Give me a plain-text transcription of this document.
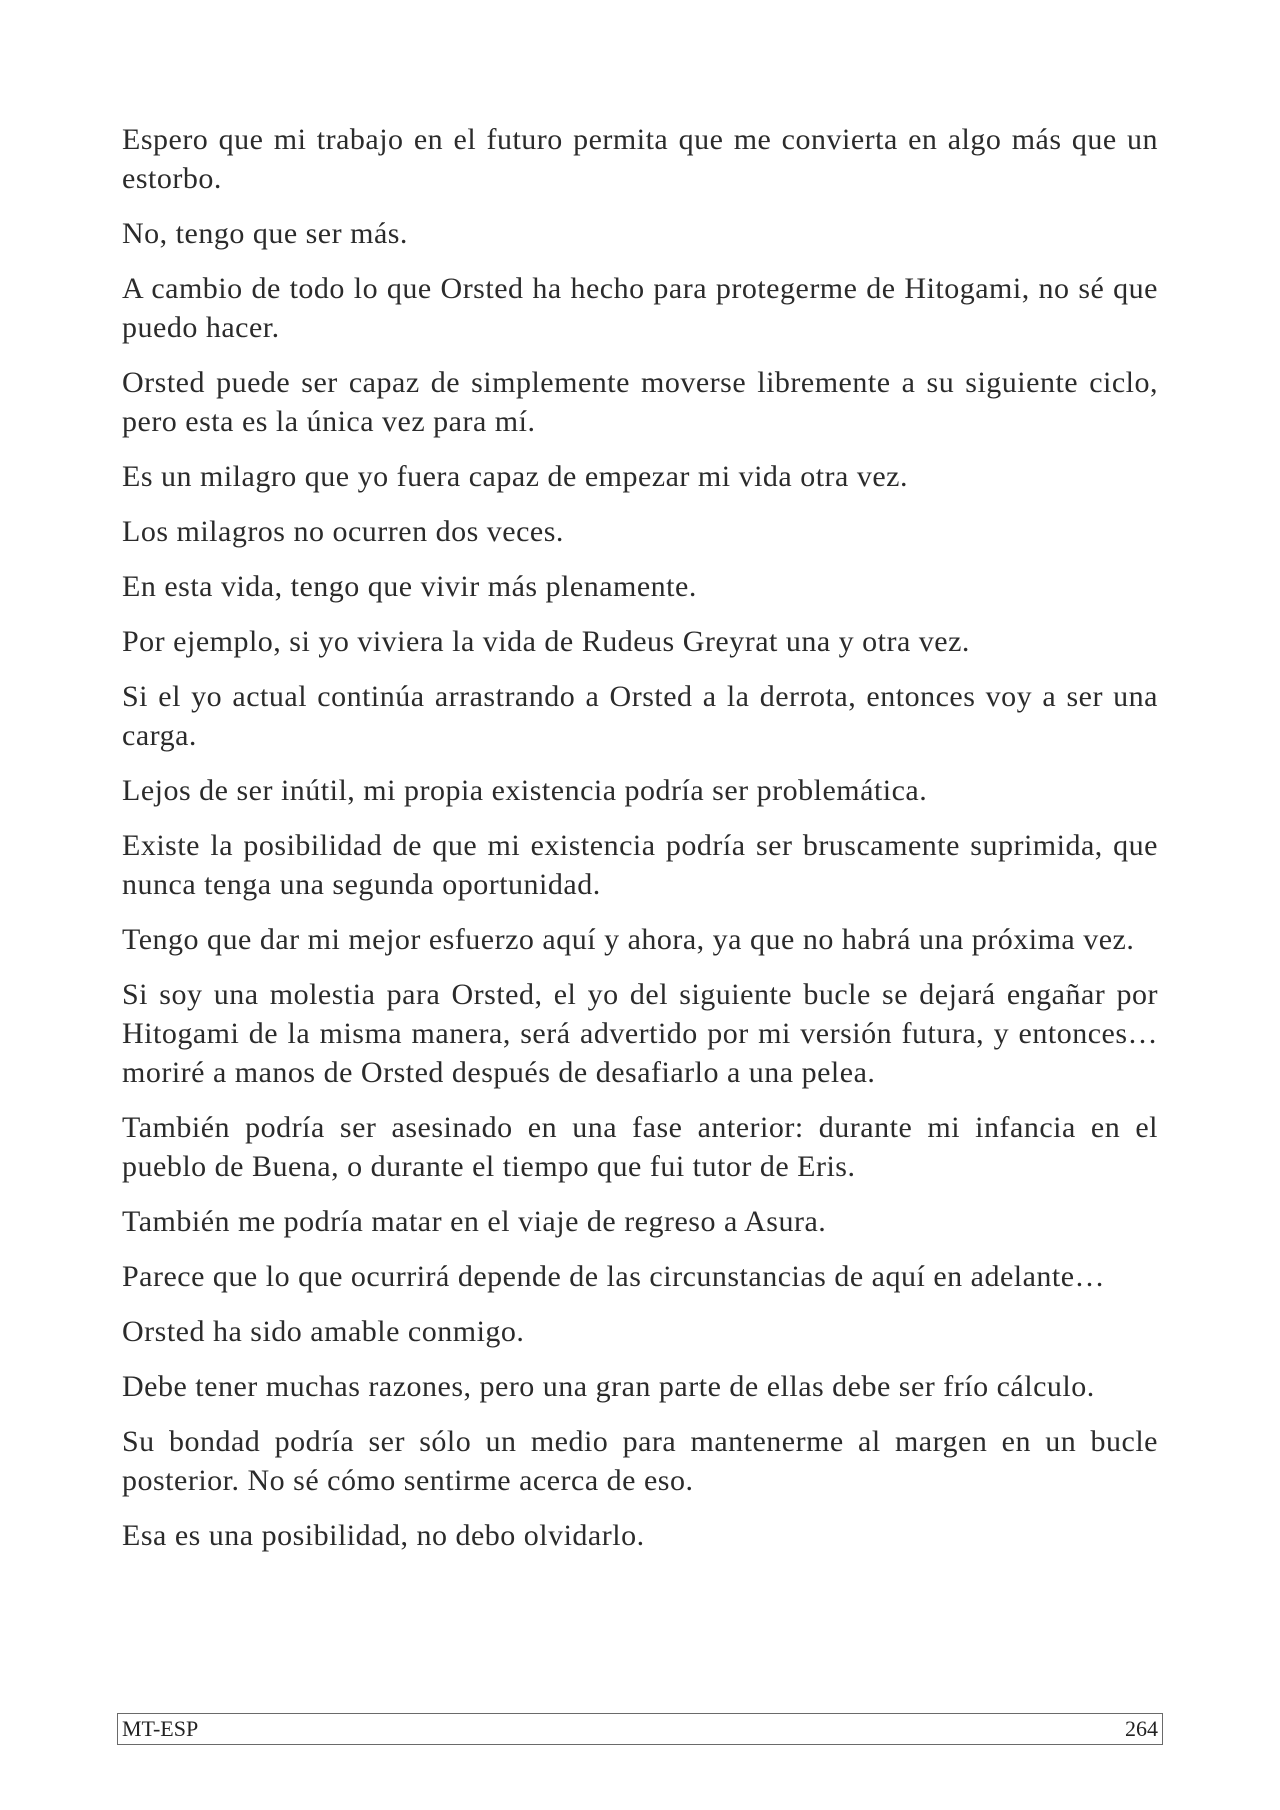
Espero que mi trabajo en el futuro permita que me convierta en algo más que un estorbo.

No, tengo que ser más.

A cambio de todo lo que Orsted ha hecho para protegerme de Hitogami, no sé que puedo hacer.

Orsted puede ser capaz de simplemente moverse libremente a su siguiente ciclo, pero esta es la única vez para mí.

Es un milagro que yo fuera capaz de empezar mi vida otra vez.

Los milagros no ocurren dos veces.

En esta vida, tengo que vivir más plenamente.

Por ejemplo, si yo viviera la vida de Rudeus Greyrat una y otra vez.

Si el yo actual continúa arrastrando a Orsted a la derrota, entonces voy a ser una carga.

Lejos de ser inútil, mi propia existencia podría ser problemática.

Existe la posibilidad de que mi existencia podría ser bruscamente suprimida, que nunca tenga una segunda oportunidad.

Tengo que dar mi mejor esfuerzo aquí y ahora, ya que no habrá una próxima vez.

Si soy una molestia para Orsted, el yo del siguiente bucle se dejará engañar por Hitogami de la misma manera, será advertido por mi versión futura, y entonces… moriré a manos de Orsted después de desafiarlo a una pelea.

También podría ser asesinado en una fase anterior: durante mi infancia en el pueblo de Buena, o durante el tiempo que fui tutor de Eris.

También me podría matar en el viaje de regreso a Asura.

Parece que lo que ocurrirá depende de las circunstancias de aquí en adelante…

Orsted ha sido amable conmigo.

Debe tener muchas razones, pero una gran parte de ellas debe ser frío cálculo.

Su bondad podría ser sólo un medio para mantenerme al margen en un bucle posterior. No sé cómo sentirme acerca de eso.

Esa es una posibilidad, no debo olvidarlo.

MT-ESP	264
